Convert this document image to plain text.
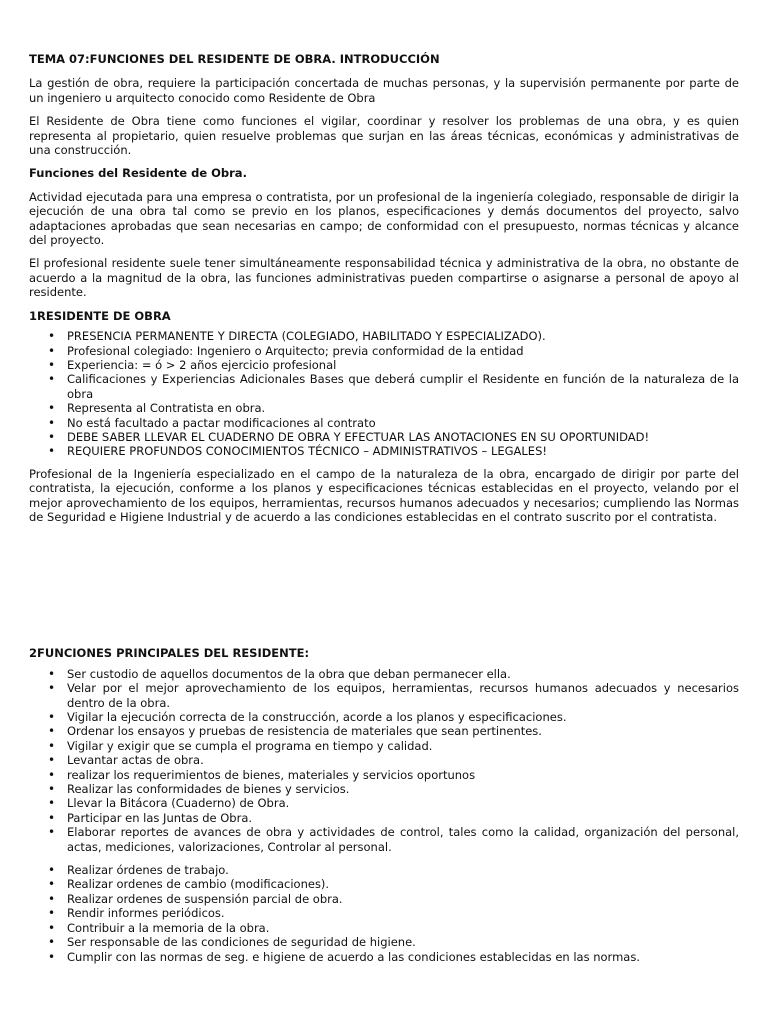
TEMA 07:FUNCIONES DEL RESIDENTE DE OBRA. INTRODUCCIÓN

La gestión de obra, requiere la participación concertada de muchas personas, y la supervisión permanente por parte de un ingeniero u arquitecto conocido como Residente de Obra

El Residente de Obra tiene como funciones el vigilar, coordinar y resolver los problemas de una obra, y es quien representa al propietario, quien resuelve problemas que surjan en las áreas técnicas, económicas y administrativas de una construcción.

Funciones del Residente de Obra.

Actividad ejecutada para una empresa o contratista, por un profesional de la ingeniería colegiado, responsable de dirigir la ejecución de una obra tal como se previo en los planos, especificaciones y demás documentos del proyecto, salvo adaptaciones aprobadas que sean necesarias en campo; de conformidad con el presupuesto, normas técnicas y alcance del proyecto.

El profesional residente suele tener simultáneamente responsabilidad técnica y administrativa de la obra, no obstante de acuerdo a la magnitud de la obra, las funciones administrativas pueden compartirse o asignarse a personal de apoyo al residente.

1RESIDENTE DE OBRA
• PRESENCIA PERMANENTE Y DIRECTA (COLEGIADO, HABILITADO Y ESPECIALIZADO).
• Profesional colegiado: Ingeniero o Arquitecto; previa conformidad de la entidad
• Experiencia: = ó > 2 años ejercicio profesional
• Calificaciones y Experiencias Adicionales Bases que deberá cumplir el Residente en función de la naturaleza de la obra
• Representa al Contratista en obra.
• No está facultado a pactar modificaciones al contrato
• DEBE SABER LLEVAR EL CUADERNO DE OBRA Y EFECTUAR LAS ANOTACIONES EN SU OPORTUNIDAD!
• REQUIERE PROFUNDOS CONOCIMIENTOS TÉCNICO – ADMINISTRATIVOS – LEGALES!

Profesional de la Ingeniería especializado en el campo de la naturaleza de la obra, encargado de dirigir por parte del contratista, la ejecución, conforme a los planos y especificaciones técnicas establecidas en el proyecto, velando por el mejor aprovechamiento de los equipos, herramientas, recursos humanos adecuados y necesarios; cumpliendo las Normas de Seguridad e Higiene Industrial y de acuerdo a las condiciones establecidas en el contrato suscrito por el contratista.

2FUNCIONES PRINCIPALES DEL RESIDENTE:
• Ser custodio de aquellos documentos de la obra que deban permanecer ella.
• Velar por el mejor aprovechamiento de los equipos, herramientas, recursos humanos adecuados y necesarios dentro de la obra.
• Vigilar la ejecución correcta de la construcción, acorde a los planos y especificaciones.
• Ordenar los ensayos y pruebas de resistencia de materiales que sean pertinentes.
• Vigilar y exigir que se cumpla el programa en tiempo y calidad.
• Levantar actas de obra.
• realizar los requerimientos de bienes, materiales y servicios oportunos
• Realizar las conformidades de bienes y servicios.
• Llevar la Bitácora (Cuaderno) de Obra.
• Participar en las Juntas de Obra.
• Elaborar reportes de avances de obra y actividades de control, tales como la calidad, organización del personal, actas, mediciones, valorizaciones, Controlar al personal.
• Realizar órdenes de trabajo.
• Realizar ordenes de cambio (modificaciones).
• Realizar ordenes de suspensión parcial de obra.
• Rendir informes periódicos.
• Contribuir a la memoria de la obra.
• Ser responsable de las condiciones de seguridad de higiene.
• Cumplir con las normas de seg. e higiene de acuerdo a las condiciones establecidas en las normas.
